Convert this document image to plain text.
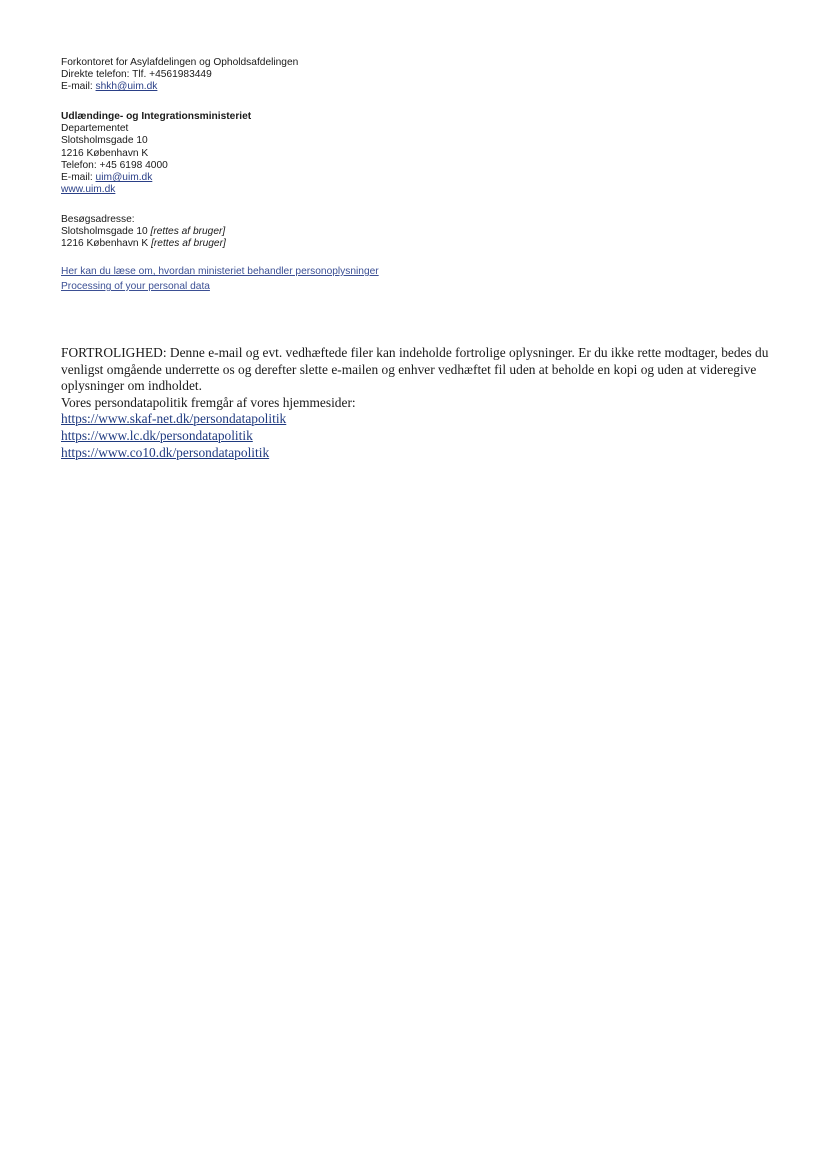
Forkontoret for Asylafdelingen og Opholdsafdelingen
Direkte telefon: Tlf. +4561983449
E-mail: shkh@uim.dk
Udlændinge- og Integrationsministeriet
Departementet
Slotsholmsgade 10
1216 København K
Telefon: +45 6198 4000
E-mail: uim@uim.dk
www.uim.dk
Besøgsadresse:
Slotsholmsgade 10 [rettes af bruger]
1216 København K [rettes af bruger]
Her kan du læse om, hvordan ministeriet behandler personoplysninger
Processing of your personal data
FORTROLIGHED: Denne e-mail og evt. vedhæftede filer kan indeholde fortrolige oplysninger. Er du ikke rette modtager, bedes du venligst omgående underrette os og derefter slette e-mailen og enhver vedhæftet fil uden at beholde en kopi og uden at videregive oplysninger om indholdet.
Vores persondatapolitik fremgår af vores hjemmesider:
https://www.skaf-net.dk/persondatapolitik
https://www.lc.dk/persondatapolitik
https://www.co10.dk/persondatapolitik
